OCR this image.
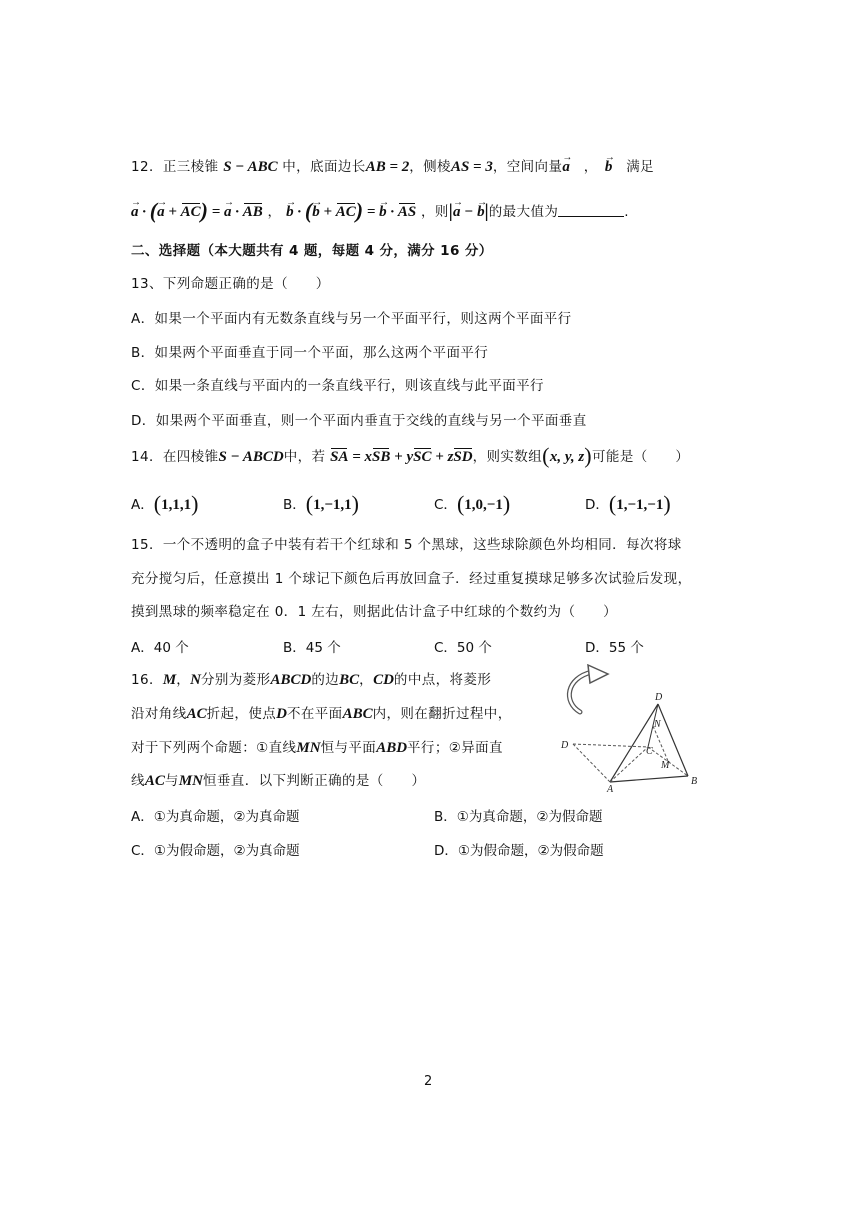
12．正三棱锥 S − ABC 中，底面边长AB = 2，侧棱AS = 3，空间向量a →　，　b →　 满足
a → · (a → + AC) = a → · AB ， b → · (b → + AC) = b → · AS ，则|a → − b →|的最大值为	.
二、选择题（本大题共有 4 题，每题 4 分，满分 16 分）
13、下列命题正确的是（　　）
A．如果一个平面内有无数条直线与另一个平面平行，则这两个平面平行
B．如果两个平面垂直于同一个平面，那么这两个平面平行
C．如果一条直线与平面内的一条直线平行，则该直线与此平面平行
D．如果两个平面垂直，则一个平面内垂直于交线的直线与另一个平面垂直
14．在四棱锥S − ABCD中，若 SA = xSB + ySC + zSD，则实数组(x, y, z)可能是（　　）
A．(1,1,1)	B．(1,−1,1)	C．(1,0,−1)	D．(1,−1,−1)
15．一个不透明的盒子中装有若干个红球和 5 个黑球，这些球除颜色外均相同．每次将球
充分搅匀后，任意摸出 1 个球记下颜色后再放回盒子．经过重复摸球足够多次试验后发现，
摸到黑球的频率稳定在 0．1 左右，则据此估计盒子中红球的个数约为（　　）
A．40 个	B．45 个	C．50 个	D．55 个
16．M，N分别为菱形ABCD的边BC，CD的中点，将菱形
沿对角线AC折起，使点D不在平面ABC内，则在翻折过程中，
对于下列两个命题：①直线MN恒与平面ABD平行；②异面直
线AC与MN恒垂直．以下判断正确的是（　　）
A．①为真命题，②为真命题	B．①为真命题，②为假命题
C．①为假命题，②为真命题	D．①为假命题，②为假命题
D
N
C
M
B
A
D
2
